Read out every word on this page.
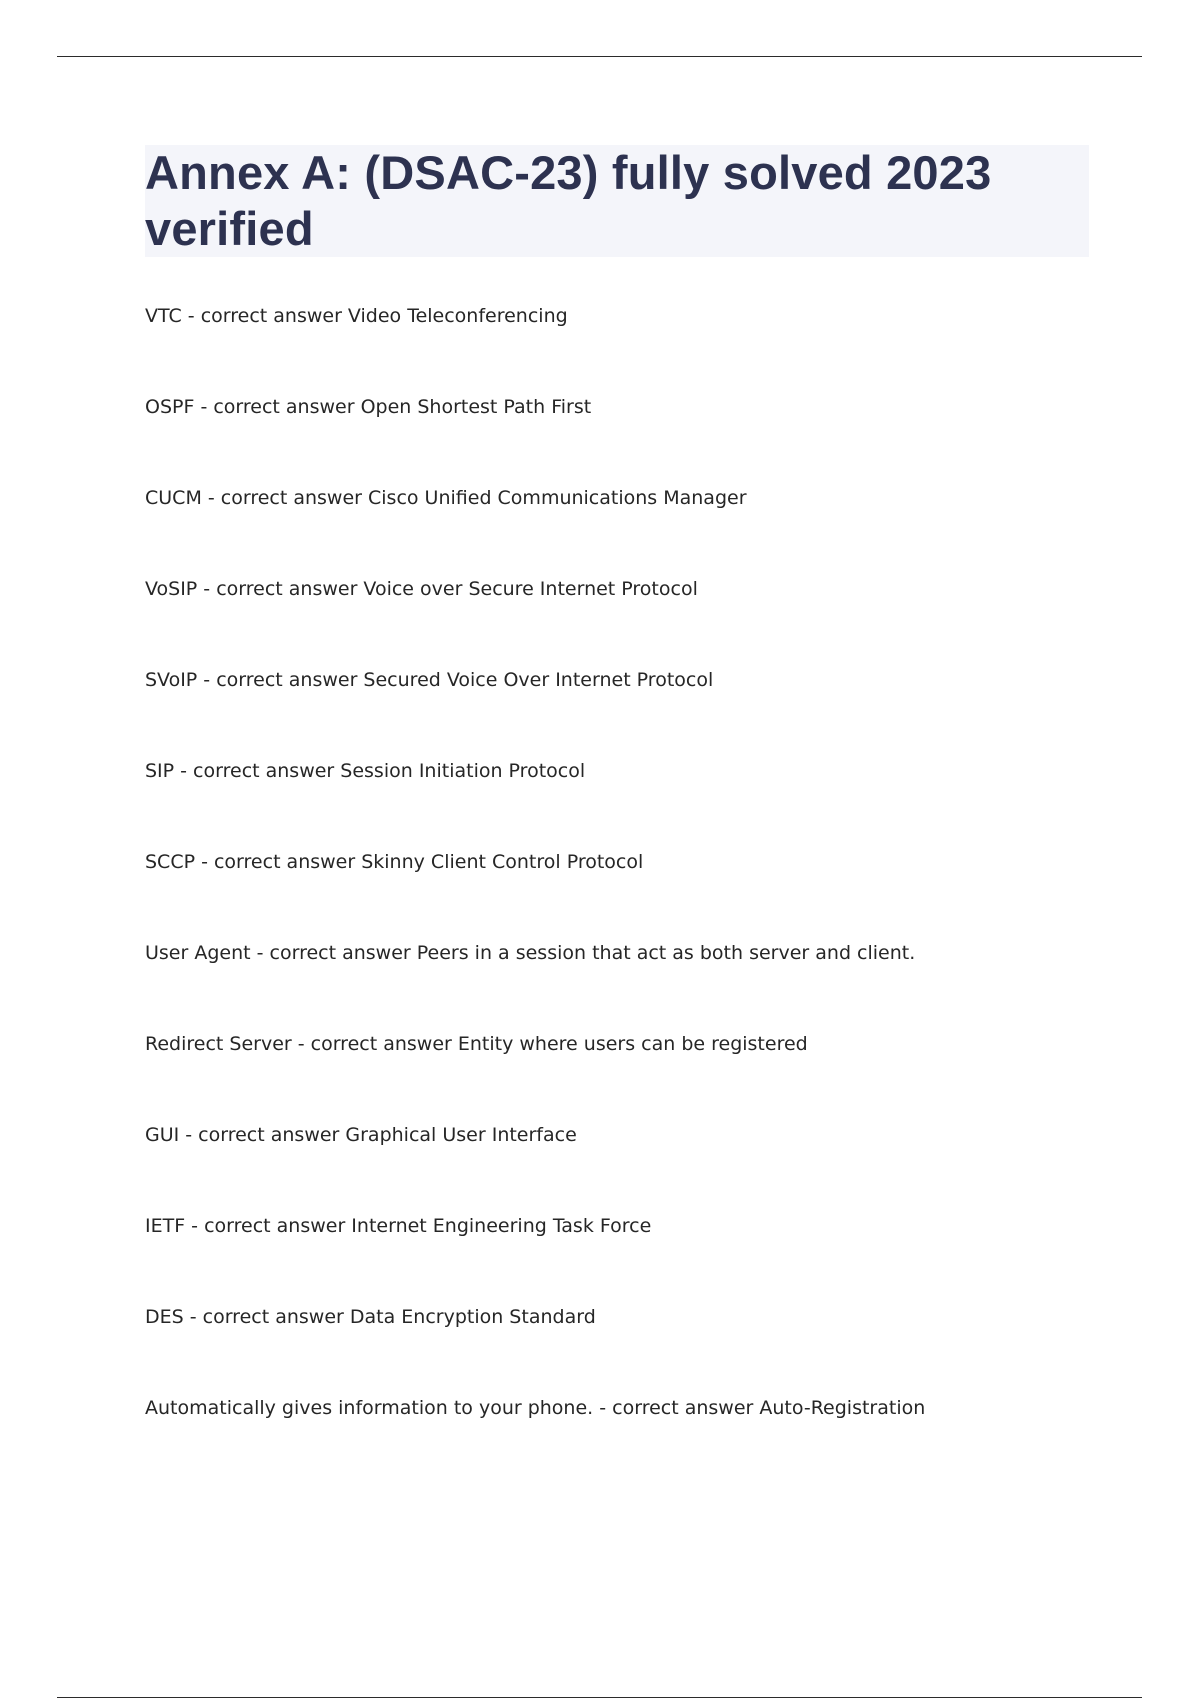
Annex A: (DSAC-23) fully solved 2023 verified
VTC - correct answer Video Teleconferencing
OSPF - correct answer Open Shortest Path First
CUCM - correct answer Cisco Unified Communications Manager
VoSIP - correct answer Voice over Secure Internet Protocol
SVoIP - correct answer Secured Voice Over Internet Protocol
SIP - correct answer Session Initiation Protocol
SCCP - correct answer Skinny Client Control Protocol
User Agent - correct answer Peers in a session that act as both server and client.
Redirect Server - correct answer Entity where users can be registered
GUI - correct answer Graphical User Interface
IETF - correct answer Internet Engineering Task Force
DES - correct answer Data Encryption Standard
Automatically gives information to your phone. - correct answer Auto-Registration
